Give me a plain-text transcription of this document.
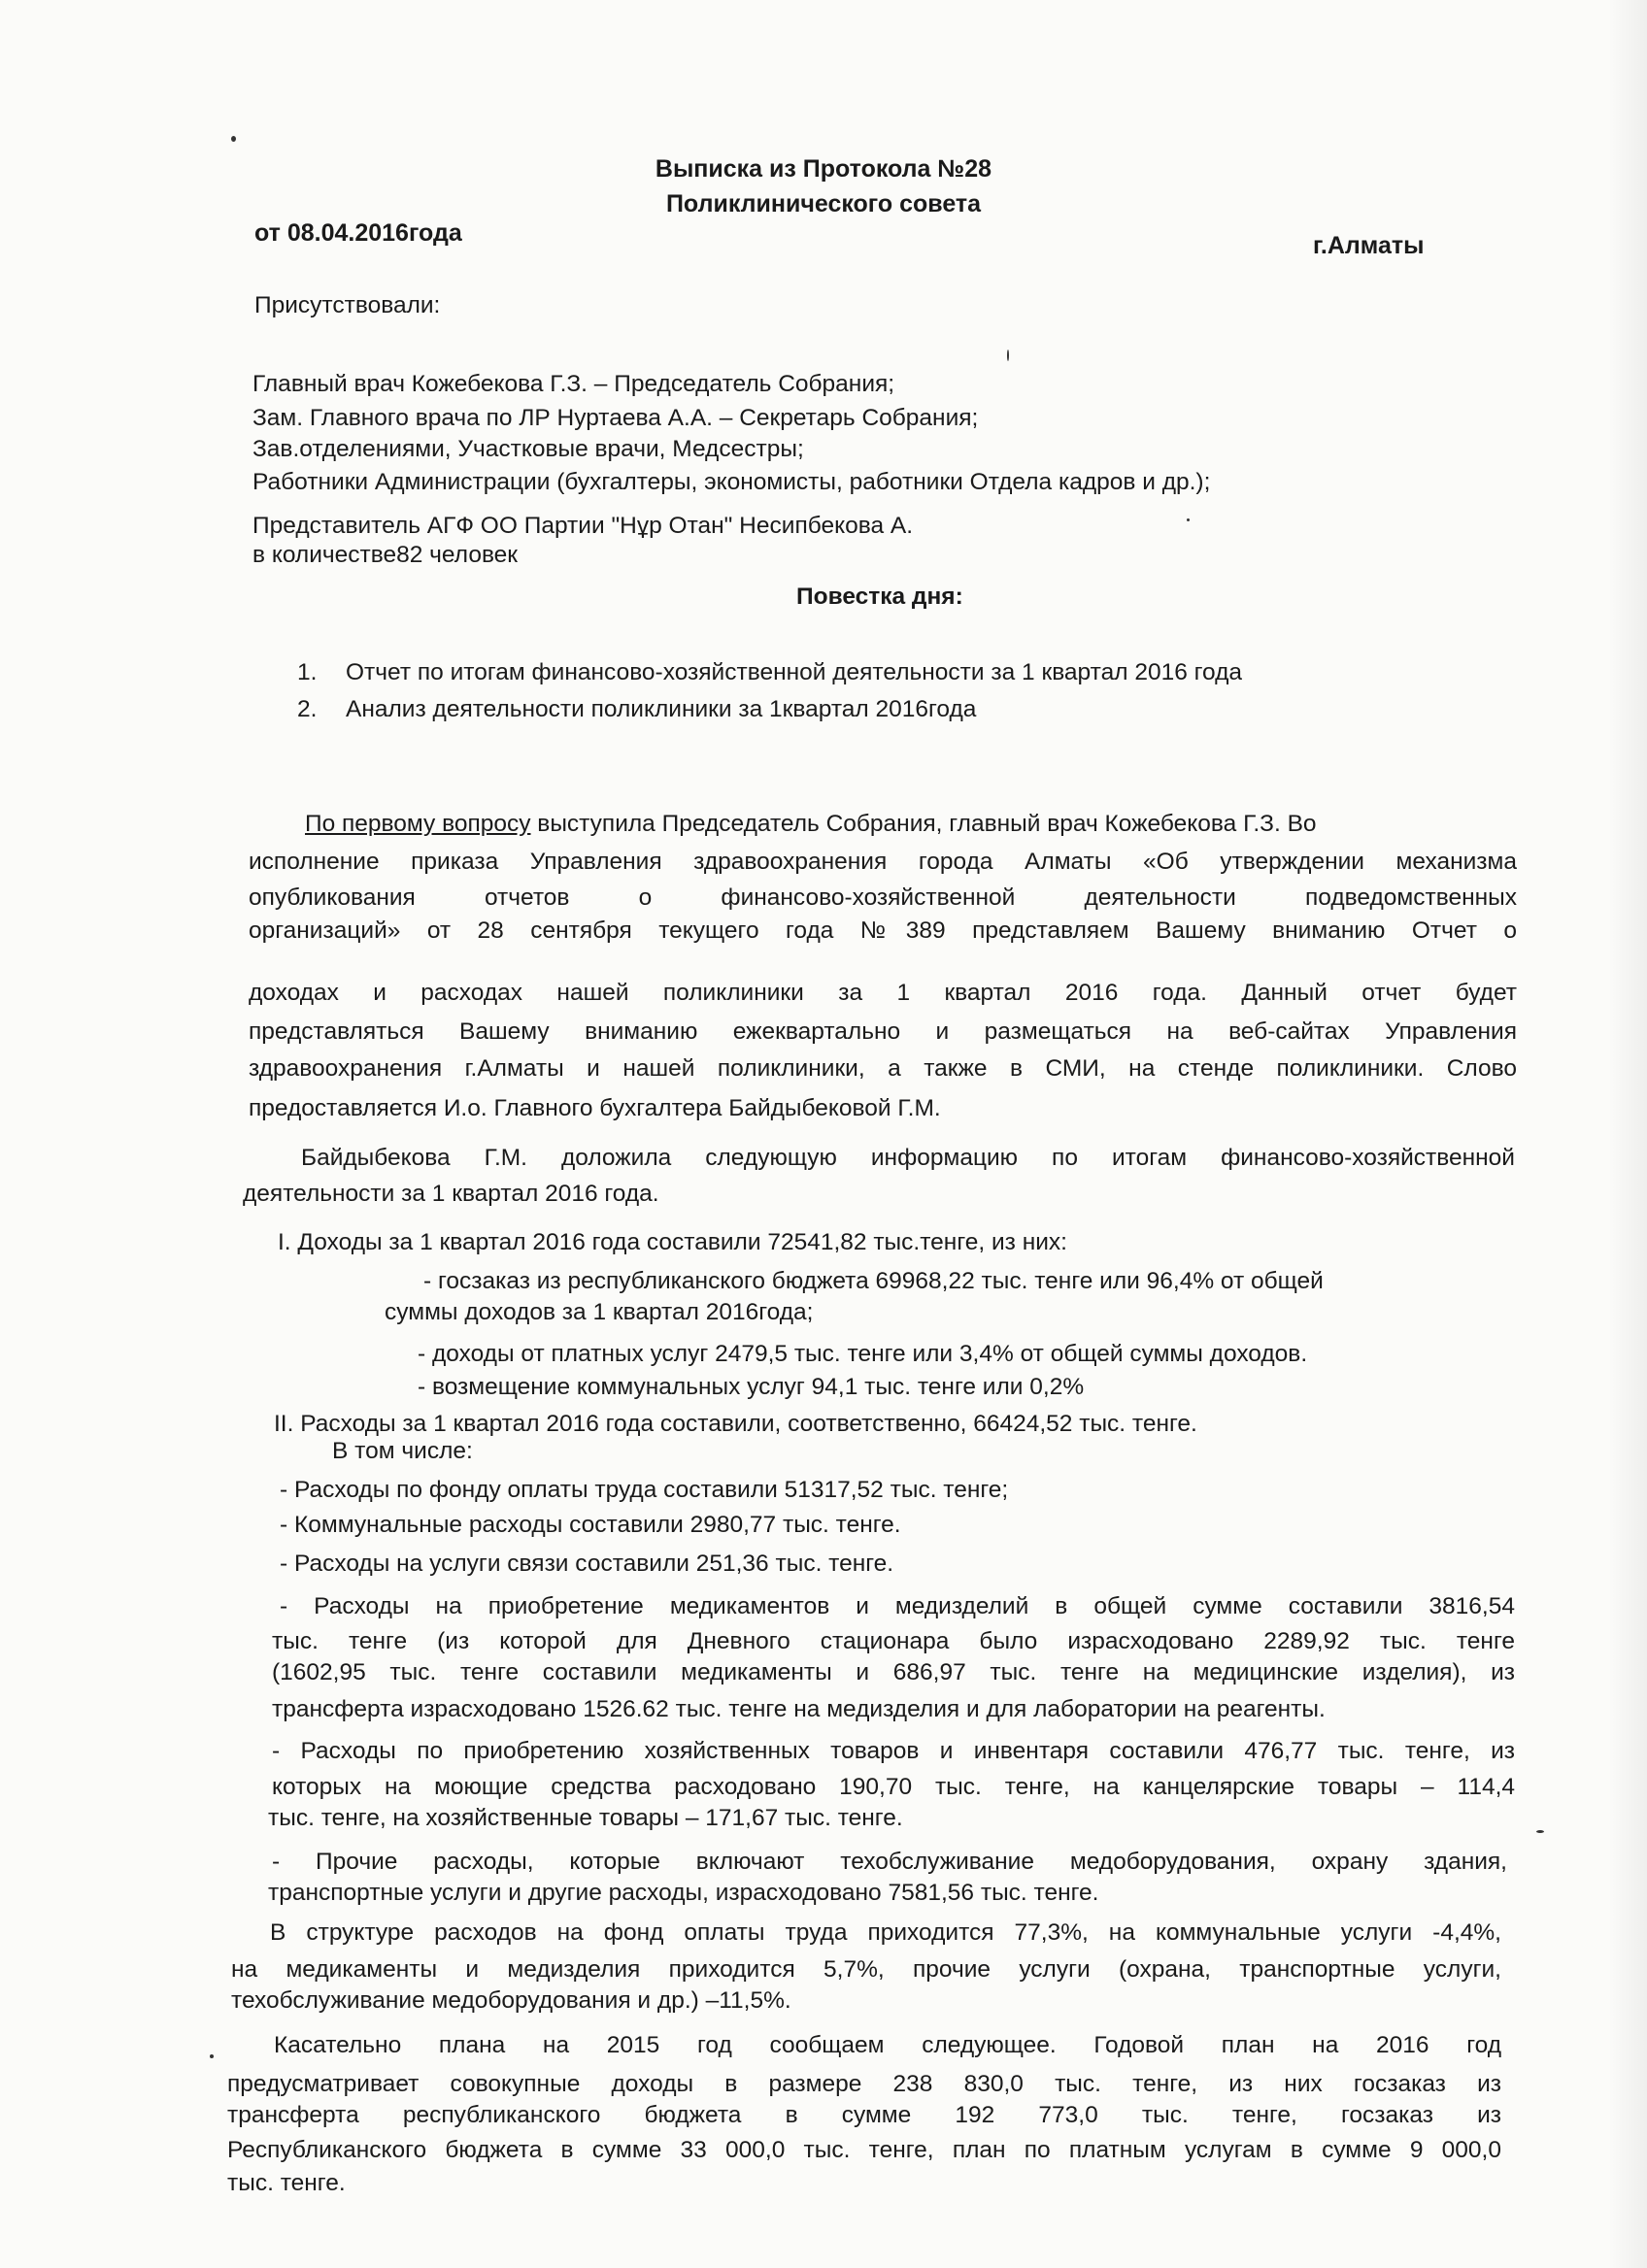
Выписка из Протокола №28
Поликлинического совета
от 08.04.2016года	г.Алматы
Присутствовали:
Главный врач Кожебекова Г.З. – Председатель Собрания;
Зам. Главного врача по ЛР Нуртаева А.А. – Секретарь Собрания;
Зав.отделениями, Участковые врачи, Медсестры;
Работники Администрации (бухгалтеры, экономисты, работники Отдела кадров и др.);
Представитель АГФ ОО Партии "Нұр Отан" Несипбекова А.
в количестве82 человек
Повестка дня:
1. Отчет по итогам финансово-хозяйственной деятельности за 1 квартал 2016 года
2. Анализ деятельности поликлиники за 1квартал 2016года
По первому вопросу выступила Председатель Собрания, главный врач Кожебекова Г.З. Во
исполнение приказа Управления здравоохранения города Алматы «Об утверждении механизма
опубликования отчетов о финансово-хозяйственной деятельности подведомственных
организаций» от 28 сентября текущего года №389 представляем Вашему вниманию Отчет о
доходах и расходах нашей поликлиники за 1 квартал 2016 года. Данный отчет будет
представляться Вашему вниманию ежеквартально и размещаться на веб-сайтах Управления
здравоохранения г.Алматы и нашей поликлиники, а также в СМИ, на стенде поликлиники. Слово
предоставляется И.о. Главного бухгалтера Байдыбековой Г.М.
Байдыбекова Г.М. доложила следующую информацию по итогам финансово-хозяйственной
деятельности за 1 квартал 2016 года.
I. Доходы за 1 квартал 2016 года составили 72541,82 тыс.тенге, из них:
- госзаказ из республиканского бюджета 69968,22 тыс. тенге или 96,4% от общей
суммы доходов за 1 квартал 2016года;
- доходы от платных услуг 2479,5 тыс. тенге или 3,4% от общей суммы доходов.
- возмещение коммунальных услуг 94,1 тыс. тенге или 0,2%
II. Расходы за 1 квартал 2016 года составили, соответственно, 66424,52 тыс. тенге.
В том числе:
- Расходы по фонду оплаты труда составили 51317,52 тыс. тенге;
- Коммунальные расходы составили 2980,77 тыс. тенге.
- Расходы на услуги связи составили 251,36 тыс. тенге.
- Расходы на приобретение медикаментов и медизделий в общей сумме составили 3816,54
тыс. тенге (из которой для Дневного стационара было израсходовано 2289,92 тыс. тенге
(1602,95 тыс. тенге составили медикаменты и 686,97 тыс. тенге на медицинские изделия), из
трансферта израсходовано 1526.62 тыс. тенге на медизделия и для лаборатории на реагенты.
- Расходы по приобретению хозяйственных товаров и инвентаря составили 476,77 тыс. тенге, из
которых на моющие средства расходовано 190,70 тыс. тенге, на канцелярские товары – 114,4
тыс. тенге, на хозяйственные товары – 171,67 тыс. тенге.
- Прочие расходы, которые включают техобслуживание медоборудования, охрану здания,
транспортные услуги и другие расходы, израсходовано 7581,56 тыс. тенге.
В структуре расходов на фонд оплаты труда приходится 77,3%, на коммунальные услуги -4,4%,
на медикаменты и медизделия приходится 5,7%, прочие услуги (охрана, транспортные услуги,
техобслуживание медоборудования и др.) –11,5%.
Касательно плана на 2015 год сообщаем следующее. Годовой план на 2016 год
предусматривает совокупные доходы в размере 238 830,0 тыс. тенге, из них госзаказ из
трансферта республиканского бюджета в сумме 192 773,0 тыс. тенге, госзаказ из
Республиканского бюджета в сумме 33 000,0 тыс. тенге, план по платным услугам в сумме 9 000,0
тыс. тенге.
